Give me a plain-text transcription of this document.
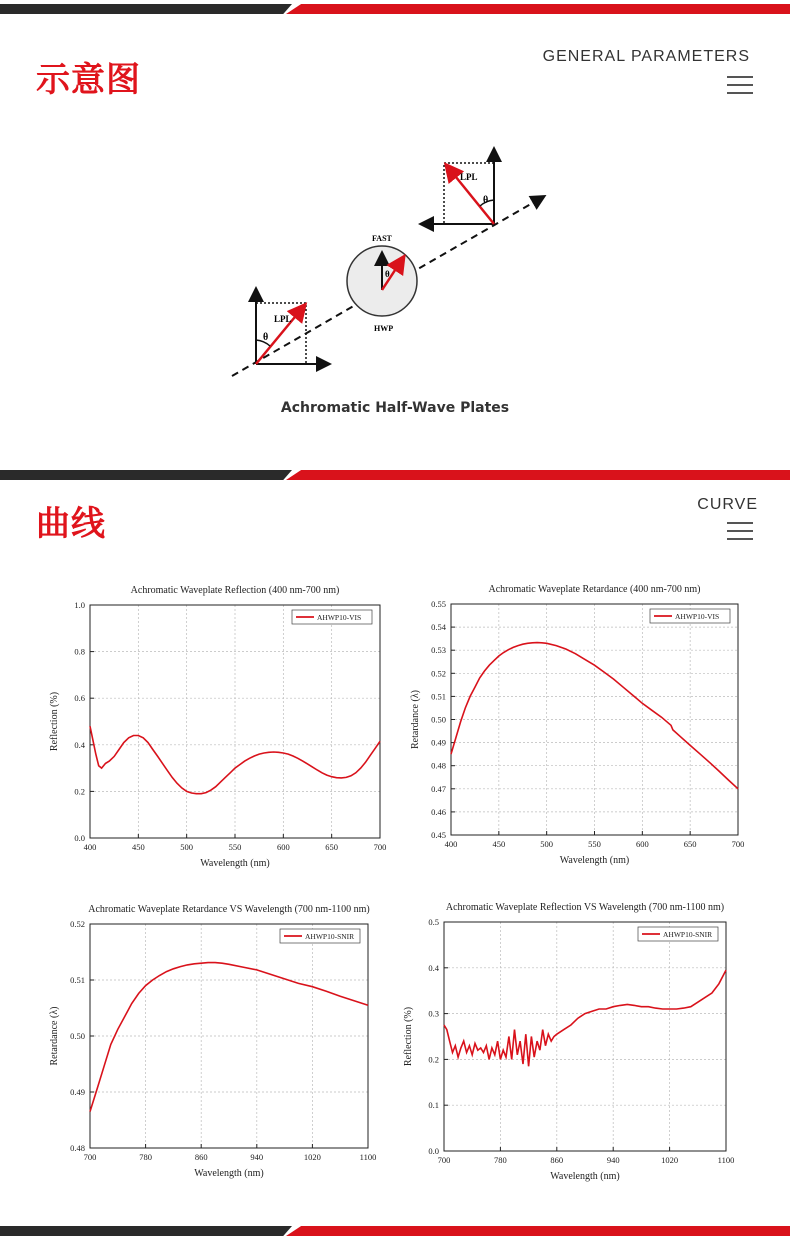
示意图
GENERAL PARAMETERS
LPL
θ
FAST
θ
HWP
LPL
θ
Achromatic Half-Wave Plates
曲线	CURVE
Achromatic Waveplate Reflection (400 nm-700 nm)
400	450	500	550	600	650	700
0.0
0.2
0.4
0.6
0.8
1.0
Wavelength (nm)
Reflection (%)
AHWP10-VIS
Achromatic Waveplate Retardance (400 nm-700 nm)
400	450	500	550	600	650	700
0.45
0.46
0.47
0.48
0.49
0.50
0.51
0.52
0.53
0.54
0.55
Wavelength (nm)
Retardance (λ)
AHWP10-VIS
Achromatic Waveplate Retardance VS Wavelength (700 nm-1100 nm)
700	780	860	940	1020	1100
0.48
0.49
0.50
0.51
0.52
Wavelength (nm)
Retardance (λ)
AHWP10-SNIR
Achromatic Waveplate Reflection VS Wavelength (700 nm-1100 nm)
700	780	860	940	1020	1100
0.0
0.1
0.2
0.3
0.4
0.5
Wavelength (nm)
Reflection (%)
AHWP10-SNIR
